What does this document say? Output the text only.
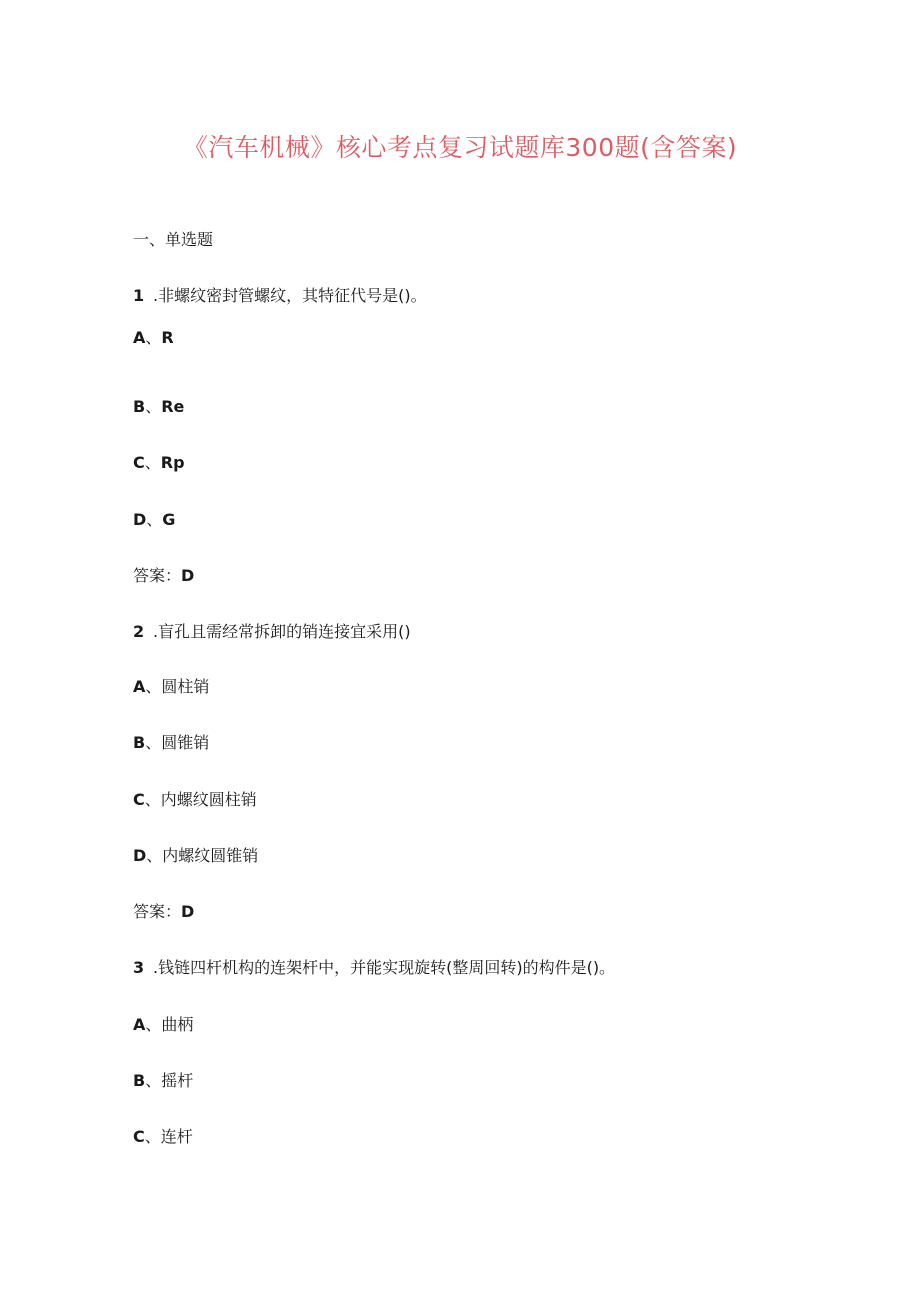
《汽车机械》核心考点复习试题库300题(含答案)
一、单选题
1 .非螺纹密封管螺纹，其特征代号是()。
A、R
B、Re
C、Rp
D、G
答案：D
2 .盲孔且需经常拆卸的销连接宜采用()
A、圆柱销
B、圆锥销
C、内螺纹圆柱销
D、内螺纹圆锥销
答案：D
3 .钱链四杆机构的连架杆中，并能实现旋转(整周回转)的构件是()。
A、曲柄
B、摇杆
C、连杆
